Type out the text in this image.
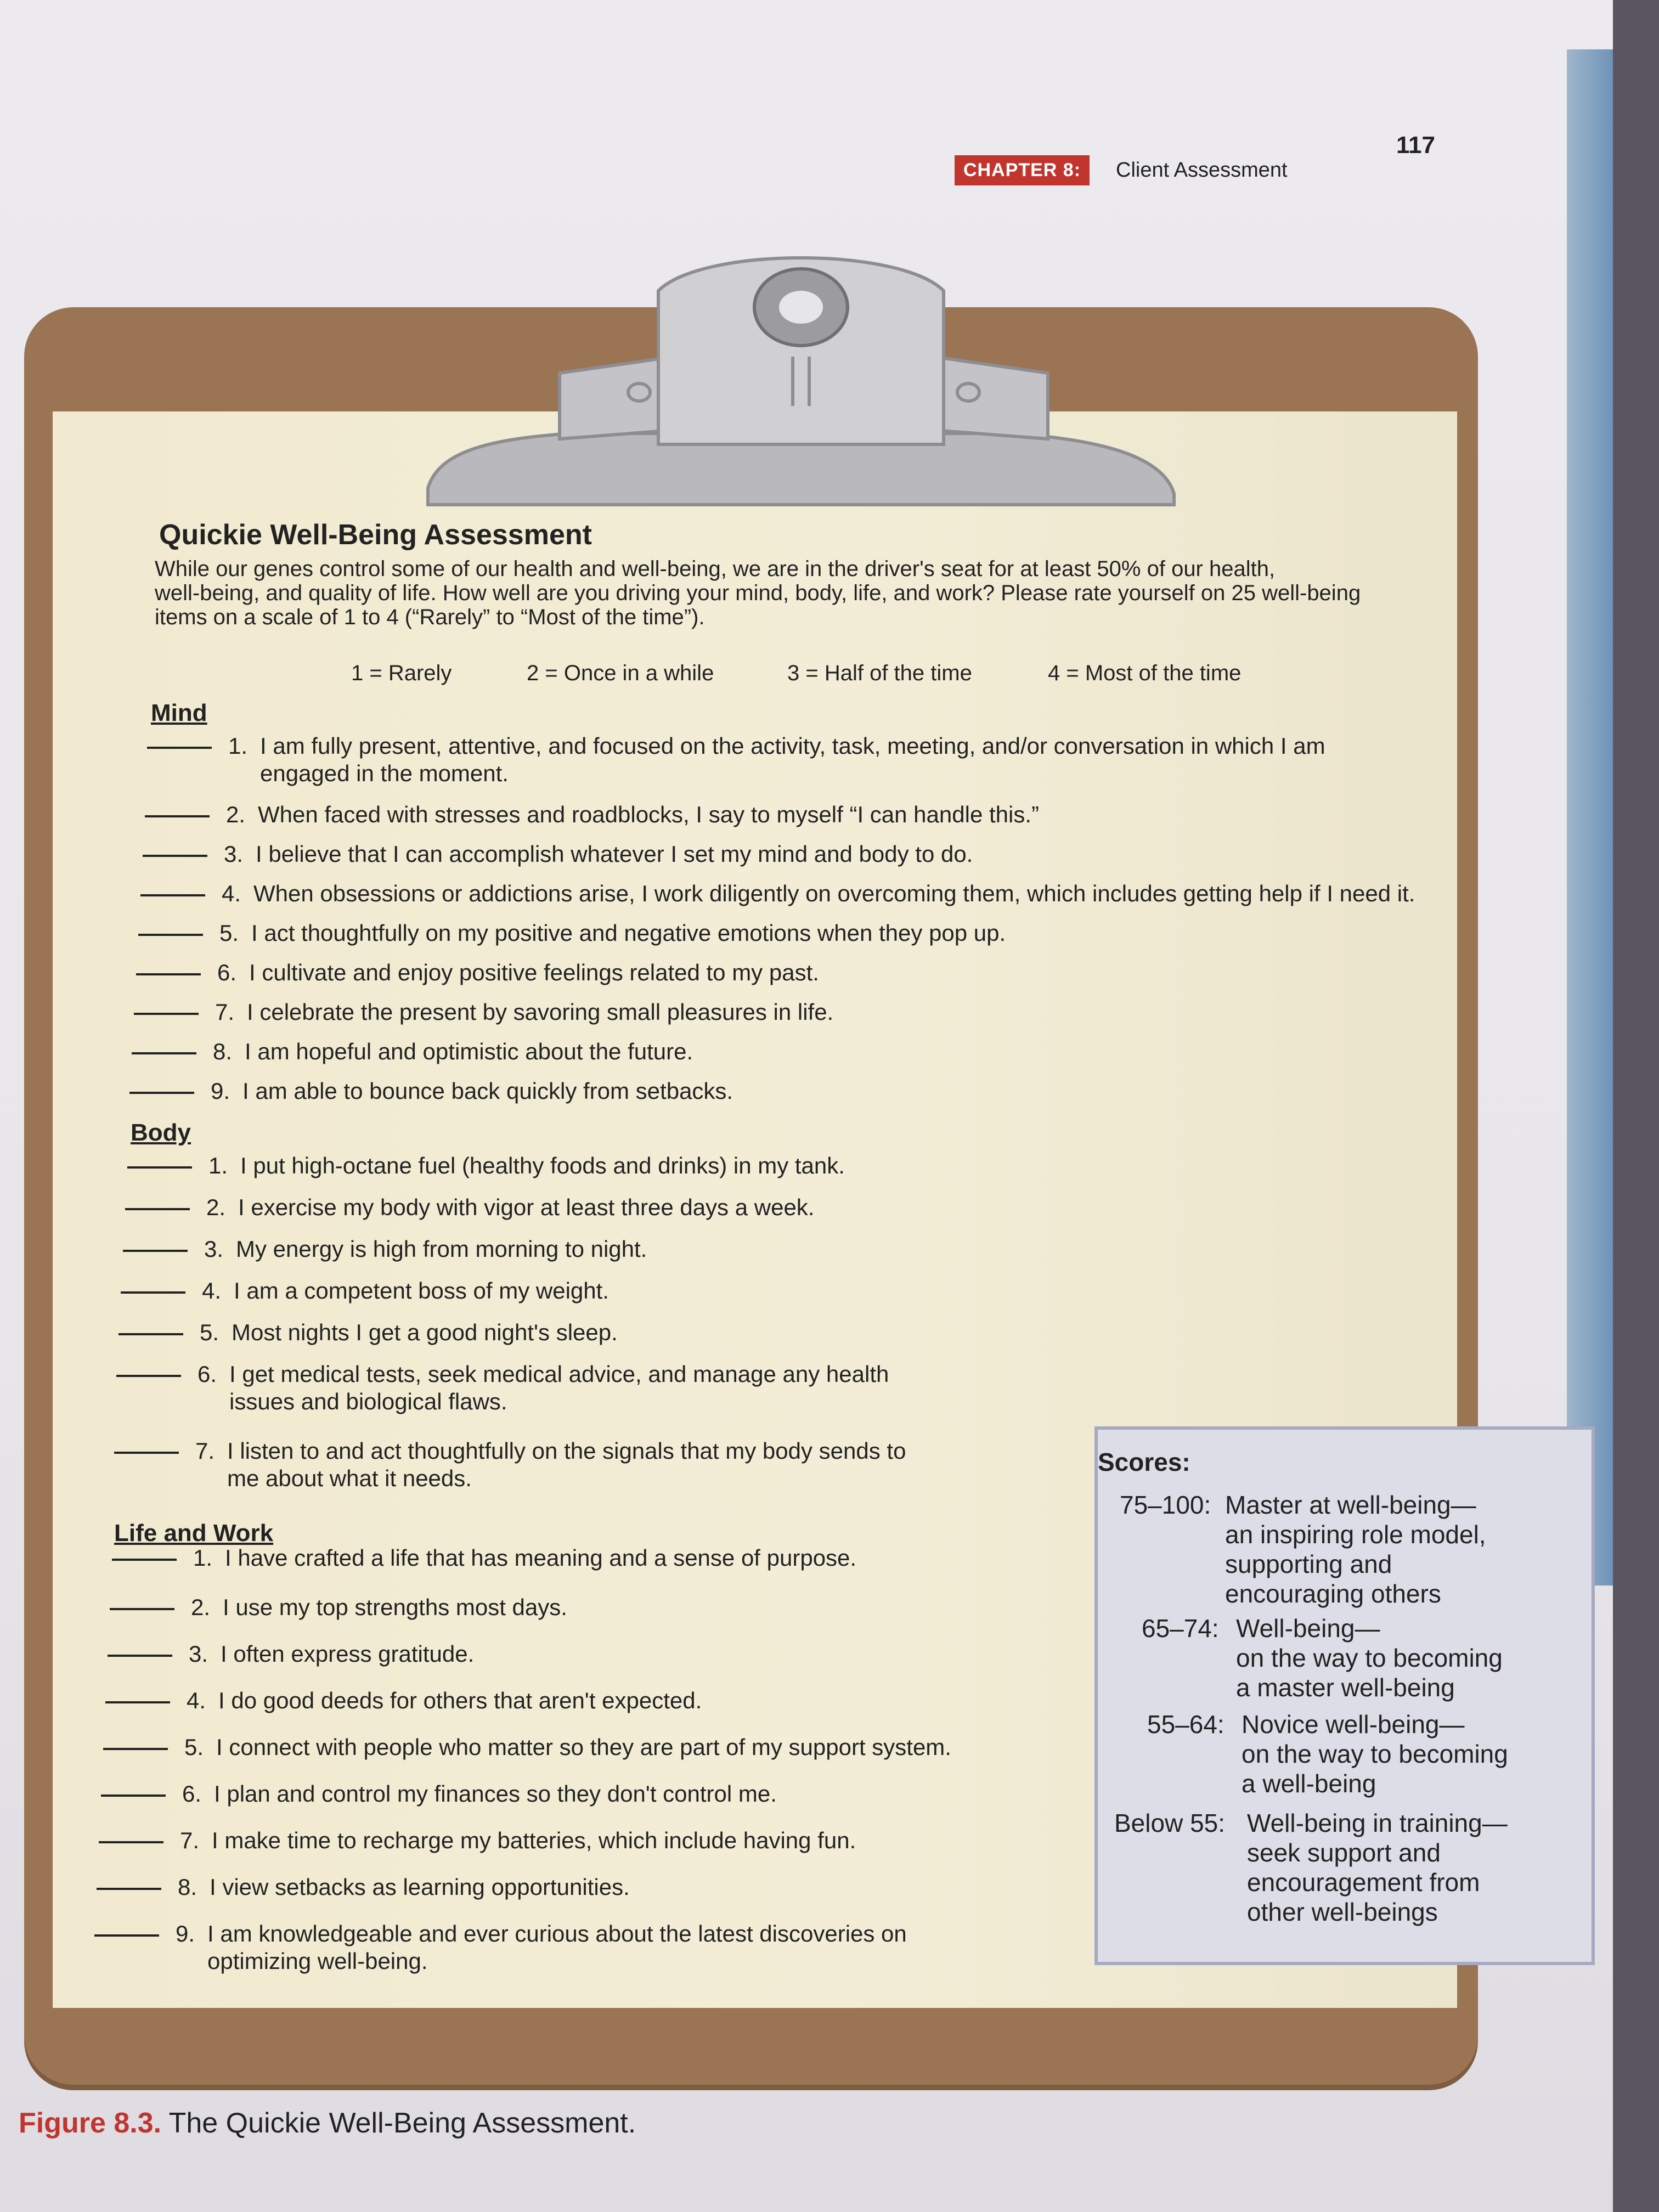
CHAPTER 8:	Client Assessment
117
Quickie Well-Being Assessment
While our genes control some of our health and well-being, we are in the driver's seat for at least 50% of our health,
well-being, and quality of life. How well are you driving your mind, body, life, and work? Please rate yourself on 25 well-being
items on a scale of 1 to 4 (“Rarely” to “Most of the time”).
1 = Rarely	2 = Once in a while	3 = Half of the time	4 = Most of the time
Mind
1. I am fully present, attentive, and focused on the activity, task, meeting, and/or conversation in which I am
engaged in the moment.
2. When faced with stresses and roadblocks, I say to myself “I can handle this.”
3. I believe that I can accomplish whatever I set my mind and body to do.
4. When obsessions or addictions arise, I work diligently on overcoming them, which includes getting help if I need it.
5. I act thoughtfully on my positive and negative emotions when they pop up.
6. I cultivate and enjoy positive feelings related to my past.
7. I celebrate the present by savoring small pleasures in life.
8. I am hopeful and optimistic about the future.
9. I am able to bounce back quickly from setbacks.
Body
1. I put high-octane fuel (healthy foods and drinks) in my tank.
2. I exercise my body with vigor at least three days a week.
3. My energy is high from morning to night.
4. I am a competent boss of my weight.
5. Most nights I get a good night's sleep.
6. I get medical tests, seek medical advice, and manage any health
issues and biological flaws.
7. I listen to and act thoughtfully on the signals that my body sends to
me about what it needs.
Life and Work
1. I have crafted a life that has meaning and a sense of purpose.
2. I use my top strengths most days.
3. I often express gratitude.
4. I do good deeds for others that aren't expected.
5. I connect with people who matter so they are part of my support system.
6. I plan and control my finances so they don't control me.
7. I make time to recharge my batteries, which include having fun.
8. I view setbacks as learning opportunities.
9. I am knowledgeable and ever curious about the latest discoveries on
optimizing well-being.
Scores:
75–100: Master at well-being—
an inspiring role model,
supporting and
encouraging others
65–74: Well-being—
on the way to becoming
a master well-being
55–64: Novice well-being—
on the way to becoming
a well-being
Below 55: Well-being in training—
seek support and
encouragement from
other well-beings
Figure 8.3. The Quickie Well-Being Assessment.
